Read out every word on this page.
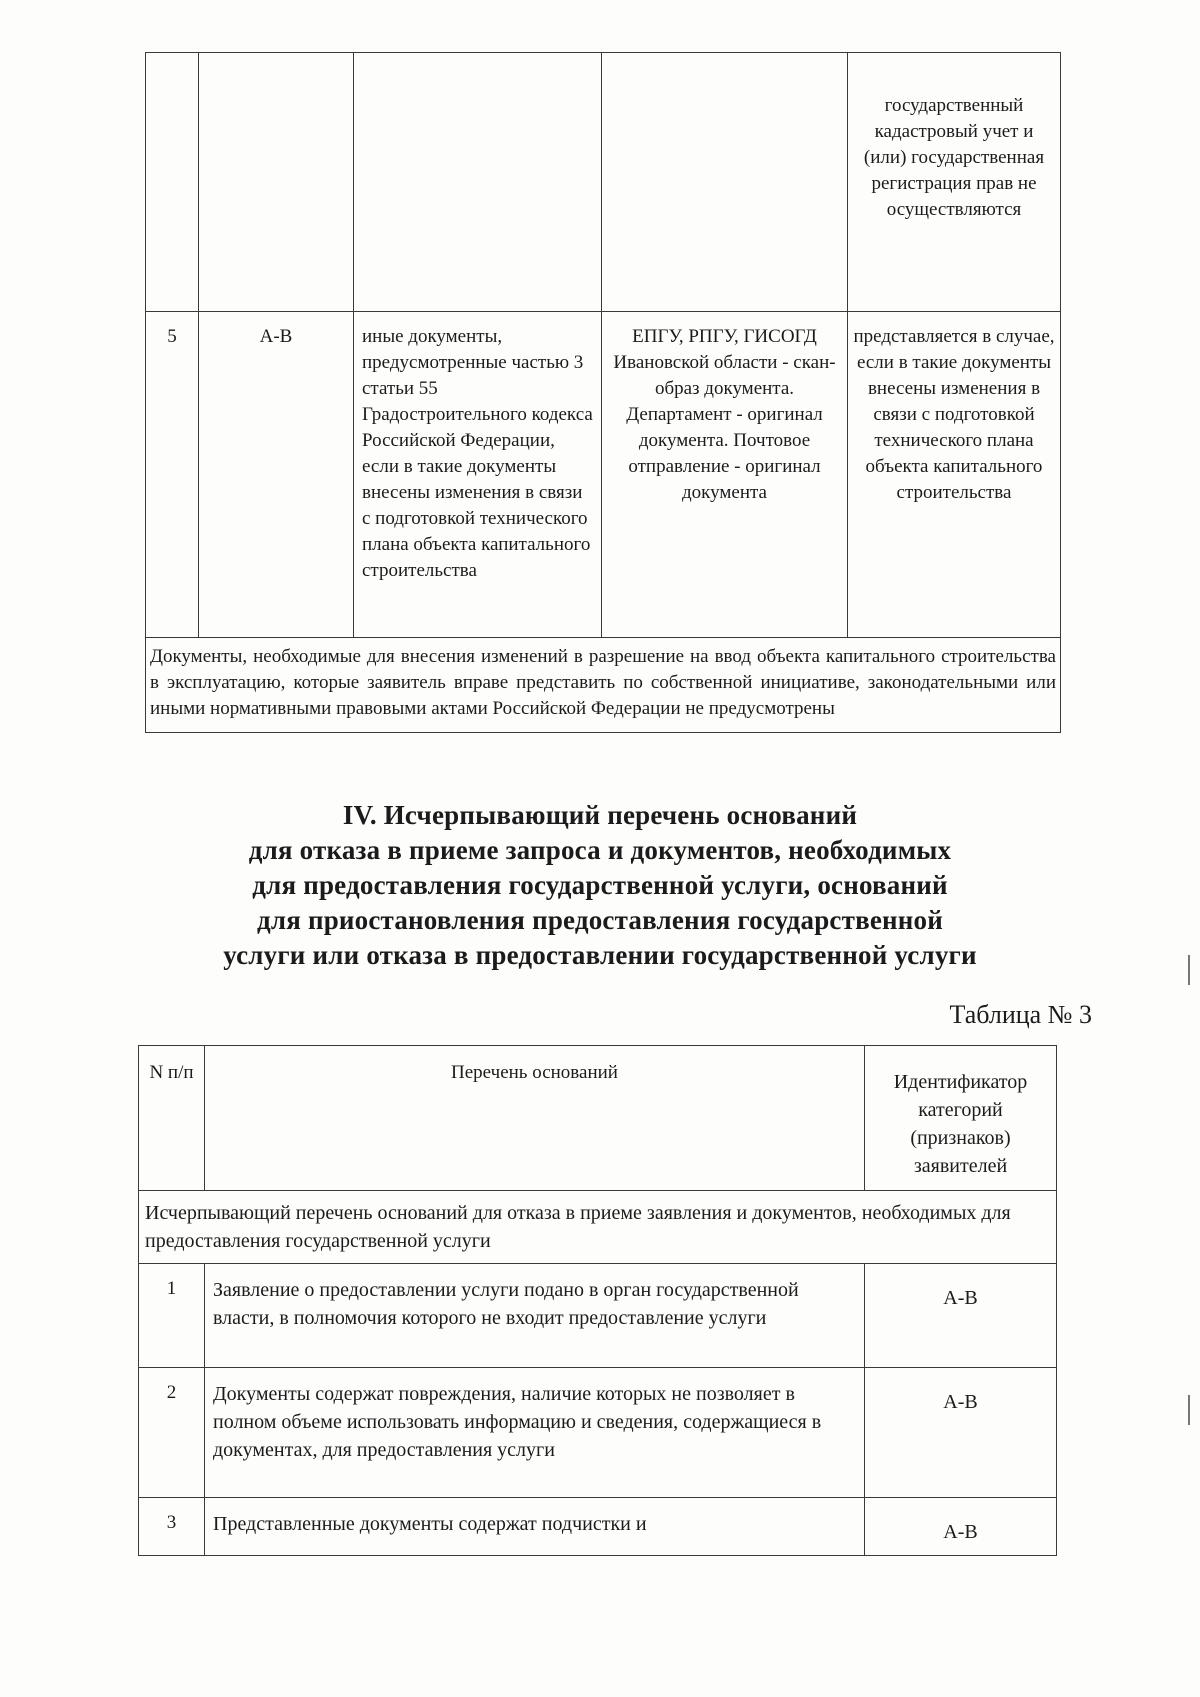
				государственный кадастровый учет и (или) государственная регистрация прав не осуществляются
5	А-В	иные документы, предусмотренные частью 3 статьи 55 Градостроительного кодекса Российской Федерации, если в такие документы внесены изменения в связи с подготовкой технического плана объекта капитального строительства	ЕПГУ, РПГУ, ГИСОГД Ивановской области - скан-образ документа. Департамент - оригинал документа. Почтовое отправление - оригинал документа	представляется в случае, если в такие документы внесены изменения в связи с подготовкой технического плана объекта капитального строительства
Документы, необходимые для внесения изменений в разрешение на ввод объекта капитального строительства в эксплуатацию, которые заявитель вправе представить по собственной инициативе, законодательными или иными нормативными правовыми актами Российской Федерации не предусмотрены				
IV. Исчерпывающий перечень оснований
для отказа в приеме запроса и документов, необходимых
для предоставления государственной услуги, оснований
для приостановления предоставления государственной
услуги или отказа в предоставлении государственной услуги
Таблица № 3
N п/п	Перечень оснований	Идентификатор категорий (признаков) заявителей
Исчерпывающий перечень оснований для отказа в приеме заявления и документов, необходимых для предоставления государственной услуги		
1	Заявление о предоставлении услуги подано в орган государственной власти, в полномочия которого не входит предоставление услуги	А-В
2	Документы содержат повреждения, наличие которых не позволяет в полном объеме использовать информацию и сведения, содержащиеся в документах, для предоставления услуги	А-В
3	Представленные документы содержат подчистки и	А-В
